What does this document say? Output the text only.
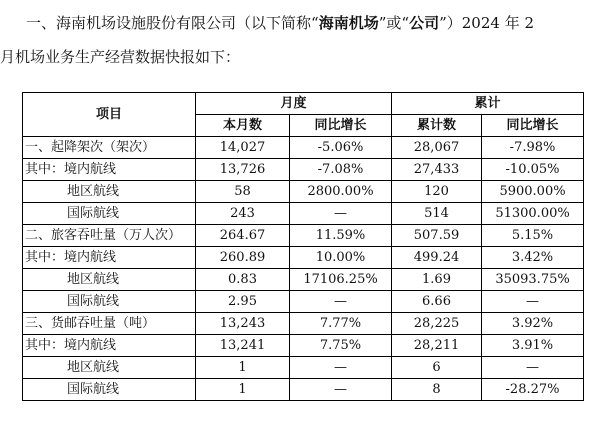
一、海南机场设施股份有限公司（以下简称“海南机场”或“公司”）2024 年 2
月机场业务生产经营数据快报如下：

项目	月度		累计	
	本月数	同比增长	累计数	同比增长
一、起降架次（架次）	14,027	-5.06%	28,067	-7.98%
其中：境内航线	13,726	-7.08%	27,433	-10.05%
地区航线	58	2800.00%	120	5900.00%
国际航线	243	—	514	51300.00%
二、旅客吞吐量（万人次）	264.67	11.59%	507.59	5.15%
其中：境内航线	260.89	10.00%	499.24	3.42%
地区航线	0.83	17106.25%	1.69	35093.75%
国际航线	2.95	—	6.66	—
三、货邮吞吐量（吨）	13,243	7.77%	28,225	3.92%
其中：境内航线	13,241	7.75%	28,211	3.91%
地区航线	1	—	6	—
国际航线	1	—	8	-28.27%
